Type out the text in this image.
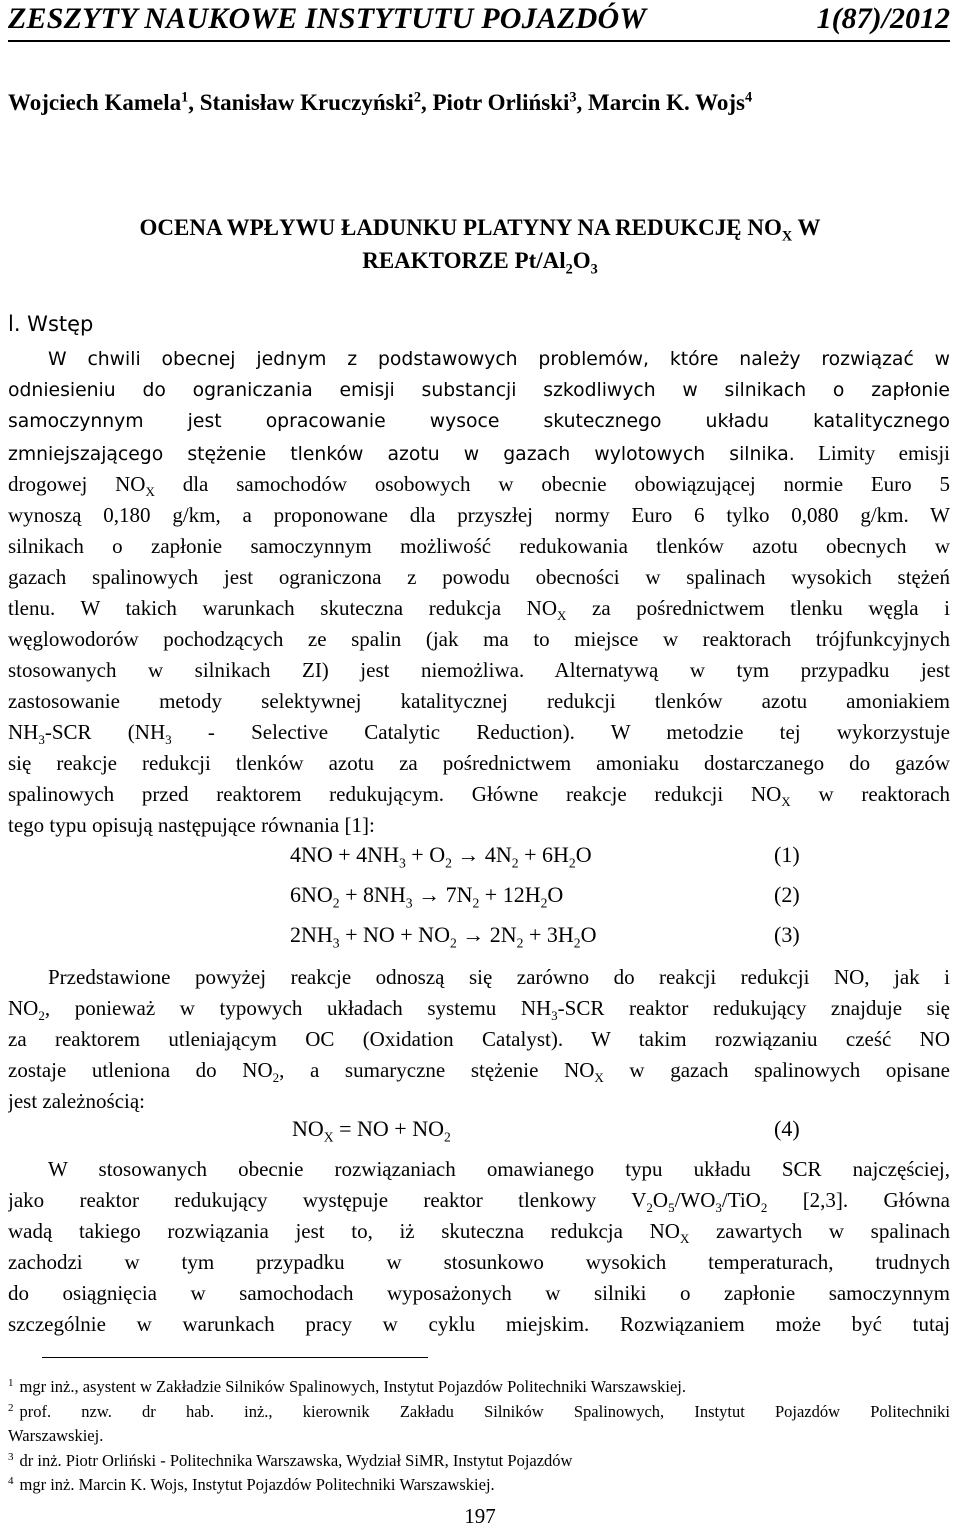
ZESZYTY NAUKOWE INSTYTUTU POJAZDÓW	1(87)/2012
Wojciech Kamela$^1$, Stanisław Kruczyński$^2$, Piotr Orliński$^3$, Marcin K. Wojs$^4$
OCENA WPŁYWU ŁADUNKU PLATYNY NA REDUKCJĘ $NO_X$ W
REAKTORZE $Pt/Al_2O_3$
l. Wstęp
W chwili obecnej jednym z podstawowych problemów, które należy rozwiązać w
odniesieniu do ograniczania emisji substancji szkodliwych w silnikach o zapłonie
samoczynnym jest opracowanie wysoce skutecznego układu katalitycznego
zmniejszającego stężenie tlenków azotu w gazach wylotowych silnika. Limity emisji
drogowej $NO_X$ dla samochodów osobowych w obecnie obowiązującej normie Euro 5
wynoszą 0,180 g/km, a proponowane dla przyszłej normy Euro 6 tylko 0,080 g/km. W
silnikach o zapłonie samoczynnym możliwość redukowania tlenków azotu obecnych w
gazach spalinowych jest ograniczona z powodu obecności w spalinach wysokich stężeń
tlenu. W takich warunkach skuteczna redukcja $NO_X$ za pośrednictwem tlenku węgla i
węglowodorów pochodzących ze spalin (jak ma to miejsce w reaktorach trójfunkcyjnych
stosowanych w silnikach ZI) jest niemożliwa. Alternatywą w tym przypadku jest
zastosowanie metody selektywnej katalitycznej redukcji tlenków azotu amoniakiem
$NH_3$-SCR ($NH_3$ - Selective Catalytic Reduction). W metodzie tej wykorzystuje
się reakcje redukcji tlenków azotu za pośrednictwem amoniaku dostarczanego do gazów
spalinowych przed reaktorem redukującym. Główne reakcje redukcji $NO_X$ w reaktorach
tego typu opisują następujące równania [1]:
$4NO + 4NH_3 + O_2 \to 4N_2 + 6H_2O$	(1)
$6NO_2 + 8NH_3 \to 7N_2 + 12H_2O$	(2)
$2NH_3$ + NO + $NO_2 \to 2N_2 + 3H_2O$	(3)
Przedstawione powyżej reakcje odnoszą się zarówno do reakcji redukcji NO, jak i
$NO_2$, ponieważ w typowych układach systemu $NH_3$-SCR reaktor redukujący znajduje się
za reaktorem utleniającym OC (Oxidation Catalyst). W takim rozwiązaniu cześć NO
zostaje utleniona do $NO_2$, a sumaryczne stężenie $NO_X$ w gazach spalinowych opisane
jest zależnością:
$NO_X$ = NO + $NO_2$	(4)
W stosowanych obecnie rozwiązaniach omawianego typu układu SCR najczęściej,
jako reaktor redukujący występuje reaktor tlenkowy $V_2O_5/WO_3/TiO_2$ [2,3]. Główna
wadą takiego rozwiązania jest to, iż skuteczna redukcja $NO_X$ zawartych w spalinach
zachodzi w tym przypadku w stosunkowo wysokich temperaturach, trudnych
do osiągnięcia w samochodach wyposażonych w silniki o zapłonie samoczynnym
szczególnie w warunkach pracy w cyklu miejskim. Rozwiązaniem może być tutaj
$^1$ mgr inż., asystent w Zakładzie Silników Spalinowych, Instytut Pojazdów Politechniki Warszawskiej.
$^2$ prof. nzw. dr hab. inż., kierownik Zakładu Silników Spalinowych, Instytut Pojazdów Politechniki
Warszawskiej.
$^3$ dr inż. Piotr Orliński - Politechnika Warszawska, Wydział SiMR, Instytut Pojazdów
$^4$ mgr inż. Marcin K. Wojs, Instytut Pojazdów Politechniki Warszawskiej.
197
